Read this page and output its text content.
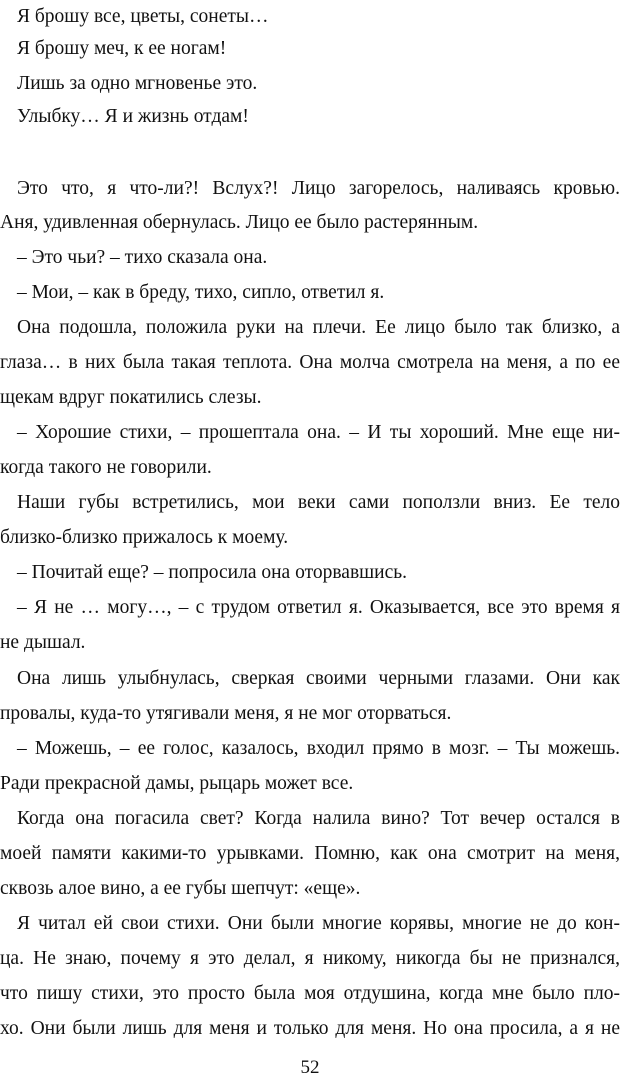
Я брошу все, цветы, сонеты…
Я брошу меч, к ее ногам!
Лишь за одно мгновенье это.
Улыбку… Я и жизнь отдам!
Это что, я что-ли?! Вслух?! Лицо загорелось, наливаясь кровью.
Аня, удивленная обернулась. Лицо ее было растерянным.
– Это чьи? – тихо сказала она.
– Мои, – как в бреду, тихо, сипло, ответил я.
Она подошла, положила руки на плечи. Ее лицо было так близко, а
глаза… в них была такая теплота. Она молча смотрела на меня, а по ее
щекам вдруг покатились слезы.
– Хорошие стихи, – прошептала она. – И ты хороший. Мне еще ни-
когда такого не говорили.
Наши губы встретились, мои веки сами поползли вниз. Ее тело
близко-близко прижалось к моему.
– Почитай еще? – попросила она оторвавшись.
– Я не … могу…, – с трудом ответил я. Оказывается, все это время я
не дышал.
Она лишь улыбнулась, сверкая своими черными глазами. Они как
провалы, куда-то утягивали меня, я не мог оторваться.
– Можешь, – ее голос, казалось, входил прямо в мозг. – Ты можешь.
Ради прекрасной дамы, рыцарь может все.
Когда она погасила свет? Когда налила вино? Тот вечер остался в
моей памяти какими-то урывками. Помню, как она смотрит на меня,
сквозь алое вино, а ее губы шепчут: «еще».
Я читал ей свои стихи. Они были многие корявы, многие не до кон-
ца. Не знаю, почему я это делал, я никому, никогда бы не признался,
что пишу стихи, это просто была моя отдушина, когда мне было пло-
хо. Они были лишь для меня и только для меня. Но она просила, а я не
52
